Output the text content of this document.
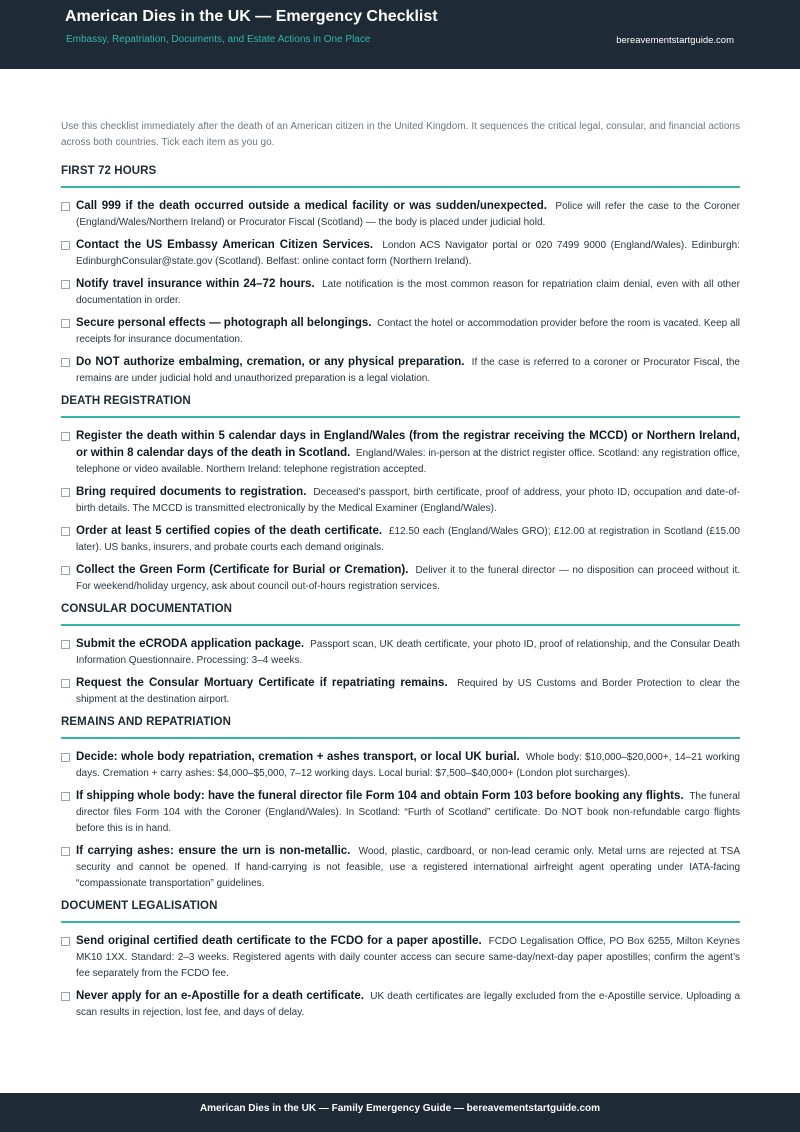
American Dies in the UK — Emergency Checklist
Embassy, Repatriation, Documents, and Estate Actions in One Place	bereavementstartguide.com

Use this checklist immediately after the death of an American citizen in the United Kingdom. It sequences the critical legal, consular, and financial actions across both countries. Tick each item as you go.

FIRST 72 HOURS
Call 999 if the death occurred outside a medical facility or was sudden/unexpected. Police will refer the case to the Coroner (England/Wales/Northern Ireland) or Procurator Fiscal (Scotland) — the body is placed under judicial hold.
Contact the US Embassy American Citizen Services. London ACS Navigator portal or 020 7499 9000 (England/Wales). Edinburgh: EdinburghConsular@state.gov (Scotland). Belfast: online contact form (Northern Ireland).
Notify travel insurance within 24–72 hours. Late notification is the most common reason for repatriation claim denial, even with all other documentation in order.
Secure personal effects — photograph all belongings. Contact the hotel or accommodation provider before the room is vacated. Keep all receipts for insurance documentation.
Do NOT authorize embalming, cremation, or any physical preparation. If the case is referred to a coroner or Procurator Fiscal, the remains are under judicial hold and unauthorized preparation is a legal violation.
DEATH REGISTRATION
Register the death within 5 calendar days in England/Wales (from the registrar receiving the MCCD) or Northern Ireland, or within 8 calendar days of the death in Scotland. England/Wales: in-person at the district register office. Scotland: any registration office, telephone or video available. Northern Ireland: telephone registration accepted.
Bring required documents to registration. Deceased’s passport, birth certificate, proof of address, your photo ID, occupation and date-of-birth details. The MCCD is transmitted electronically by the Medical Examiner (England/Wales).
Order at least 5 certified copies of the death certificate. £12.50 each (England/Wales GRO); £12.00 at registration in Scotland (£15.00 later). US banks, insurers, and probate courts each demand originals.
Collect the Green Form (Certificate for Burial or Cremation). Deliver it to the funeral director — no disposition can proceed without it. For weekend/holiday urgency, ask about council out-of-hours registration services.
CONSULAR DOCUMENTATION
Submit the eCRODA application package. Passport scan, UK death certificate, your photo ID, proof of relationship, and the Consular Death Information Questionnaire. Processing: 3–4 weeks.
Request the Consular Mortuary Certificate if repatriating remains. Required by US Customs and Border Protection to clear the shipment at the destination airport.
REMAINS AND REPATRIATION
Decide: whole body repatriation, cremation + ashes transport, or local UK burial. Whole body: $10,000–$20,000+, 14–21 working days. Cremation + carry ashes: $4,000–$5,000, 7–12 working days. Local burial: $7,500–$40,000+ (London plot surcharges).
If shipping whole body: have the funeral director file Form 104 and obtain Form 103 before booking any flights. The funeral director files Form 104 with the Coroner (England/Wales). In Scotland: “Furth of Scotland” certificate. Do NOT book non-refundable cargo flights before this is in hand.
If carrying ashes: ensure the urn is non-metallic. Wood, plastic, cardboard, or non-lead ceramic only. Metal urns are rejected at TSA security and cannot be opened. If hand-carrying is not feasible, use a registered international airfreight agent operating under IATA-facing “compassionate transportation” guidelines.
DOCUMENT LEGALISATION
Send original certified death certificate to the FCDO for a paper apostille. FCDO Legalisation Office, PO Box 6255, Milton Keynes MK10 1XX. Standard: 2–3 weeks. Registered agents with daily counter access can secure same-day/next-day paper apostilles; confirm the agent’s fee separately from the FCDO fee.
Never apply for an e-Apostille for a death certificate. UK death certificates are legally excluded from the e-Apostille service. Uploading a scan results in rejection, lost fee, and days of delay.
American Dies in the UK — Family Emergency Guide — bereavementstartguide.com
